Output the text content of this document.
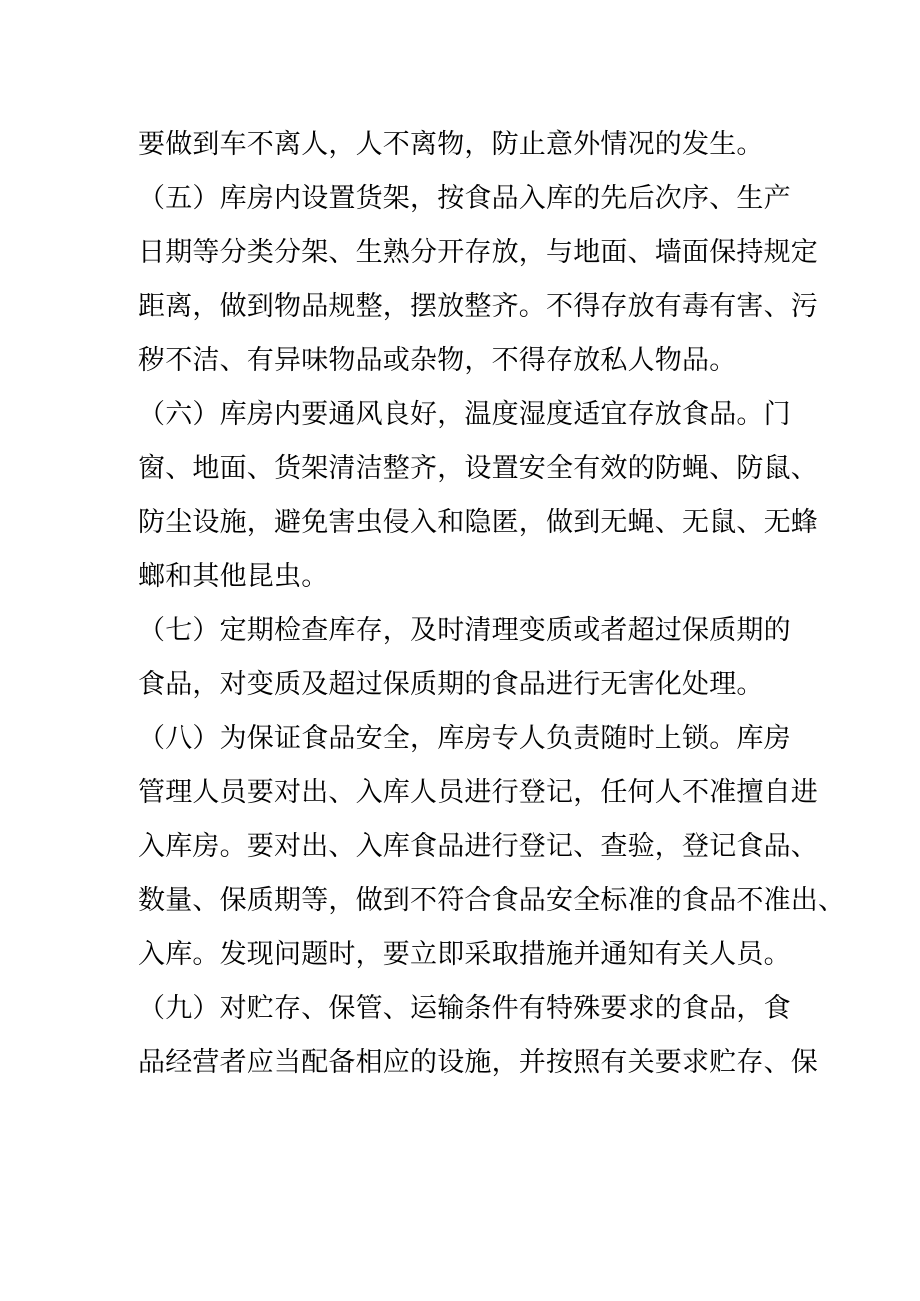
要做到车不离人，人不离物，防止意外情况的发生。
（五）库房内设置货架，按食品入库的先后次序、生产
日期等分类分架、生熟分开存放，与地面、墙面保持规定
距离，做到物品规整，摆放整齐。不得存放有毒有害、污
秽不洁、有异味物品或杂物，不得存放私人物品。
（六）库房内要通风良好，温度湿度适宜存放食品。门
窗、地面、货架清洁整齐，设置安全有效的防蝇、防鼠、
防尘设施，避免害虫侵入和隐匿，做到无蝇、无鼠、无蜂
螂和其他昆虫。
（七）定期检查库存，及时清理变质或者超过保质期的
食品，对变质及超过保质期的食品进行无害化处理。
（八）为保证食品安全，库房专人负责随时上锁。库房
管理人员要对出、入库人员进行登记，任何人不准擅自进
入库房。要对出、入库食品进行登记、查验，登记食品、
数量、保质期等，做到不符合食品安全标准的食品不准出、
入库。发现问题时，要立即采取措施并通知有关人员。
（九）对贮存、保管、运输条件有特殊要求的食品，食
品经营者应当配备相应的设施，并按照有关要求贮存、保
